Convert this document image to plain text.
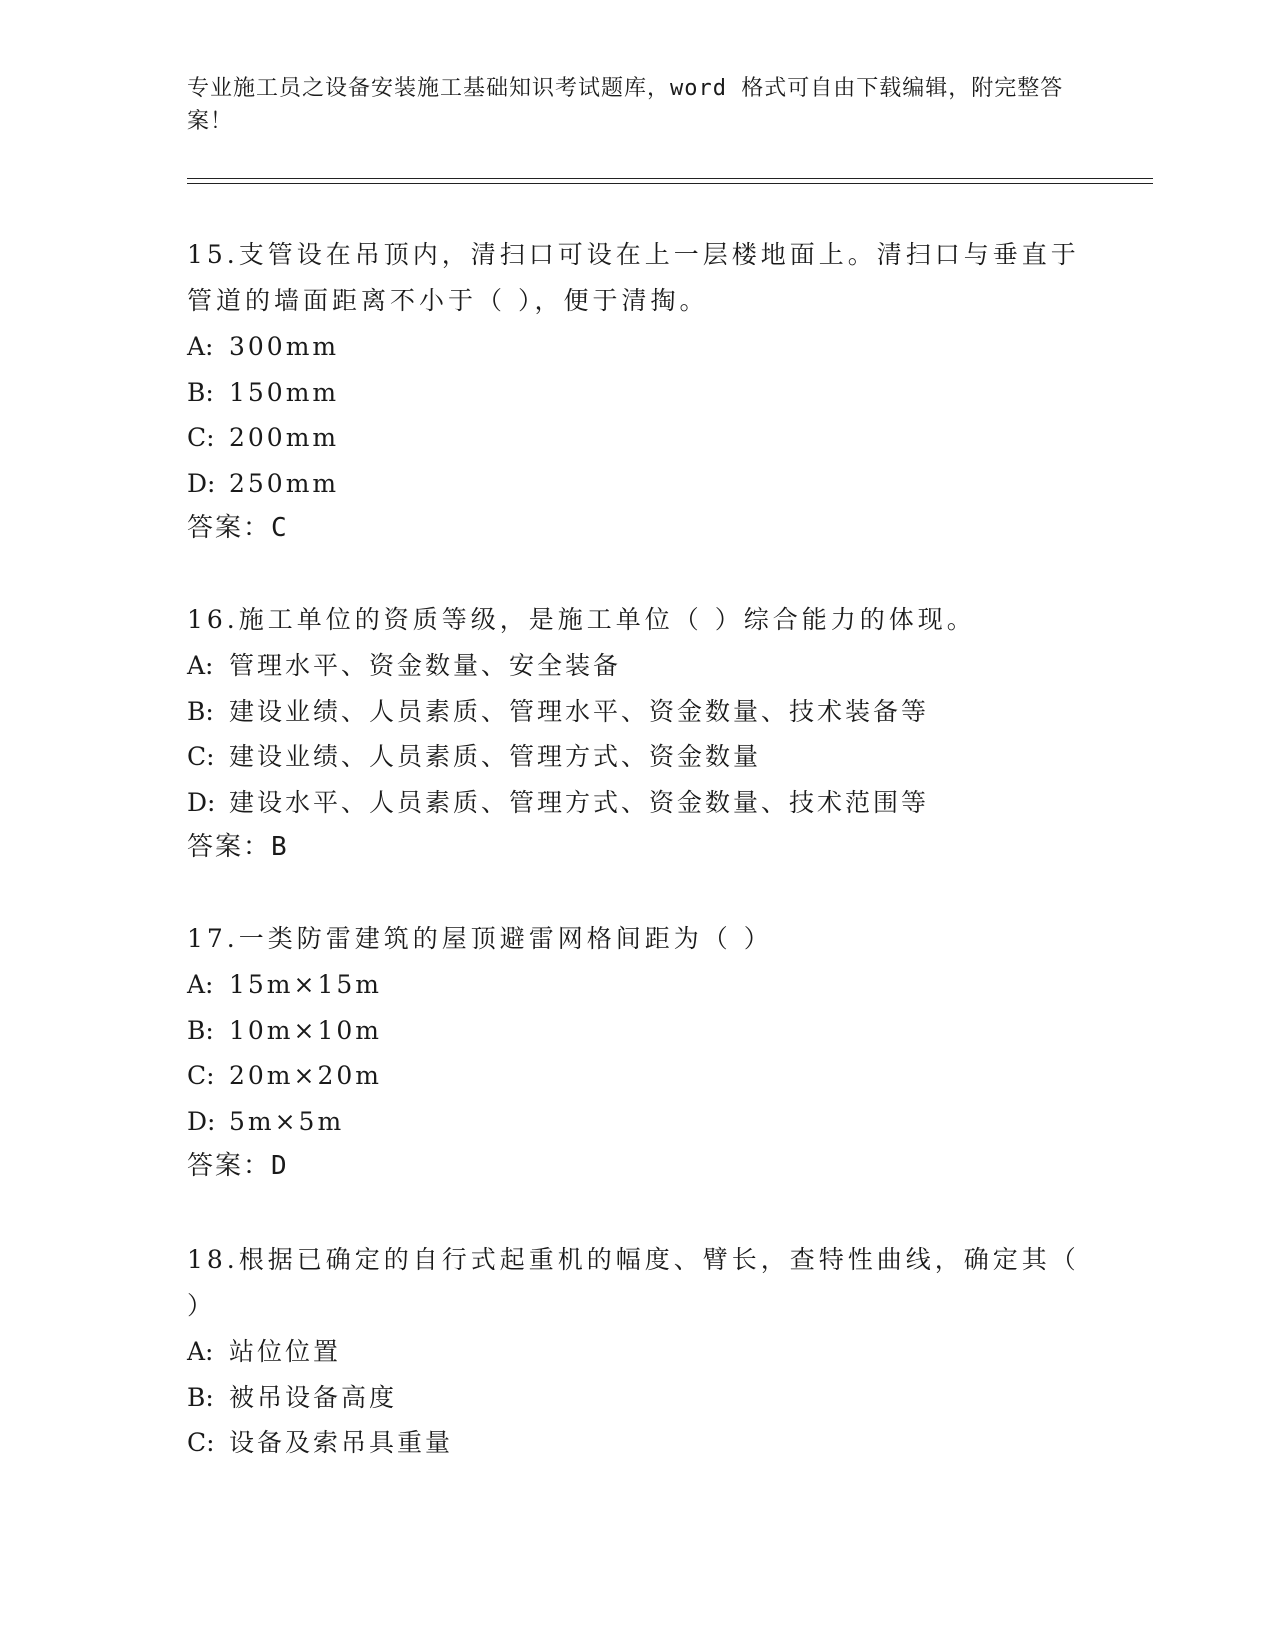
专业施工员之设备安装施工基础知识考试题库，word 格式可自由下载编辑，附完整答案！

15.支管设在吊顶内，清扫口可设在上一层楼地面上。清扫口与垂直于管道的墙面距离不小于（ ），便于清掏。

A: 300mm

B: 150mm

C: 200mm

D: 250mm

答案：C

16.施工单位的资质等级，是施工单位（ ）综合能力的体现。

A: 管理水平、资金数量、安全装备

B: 建设业绩、人员素质、管理水平、资金数量、技术装备等

C: 建设业绩、人员素质、管理方式、资金数量

D: 建设水平、人员素质、管理方式、资金数量、技术范围等

答案：B

17.一类防雷建筑的屋顶避雷网格间距为（ ）

A: 15m×15m

B: 10m×10m

C: 20m×20m

D: 5m×5m

答案：D

18.根据已确定的自行式起重机的幅度、臂长，查特性曲线，确定其（ ）

A: 站位位置

B: 被吊设备高度

C: 设备及索吊具重量
